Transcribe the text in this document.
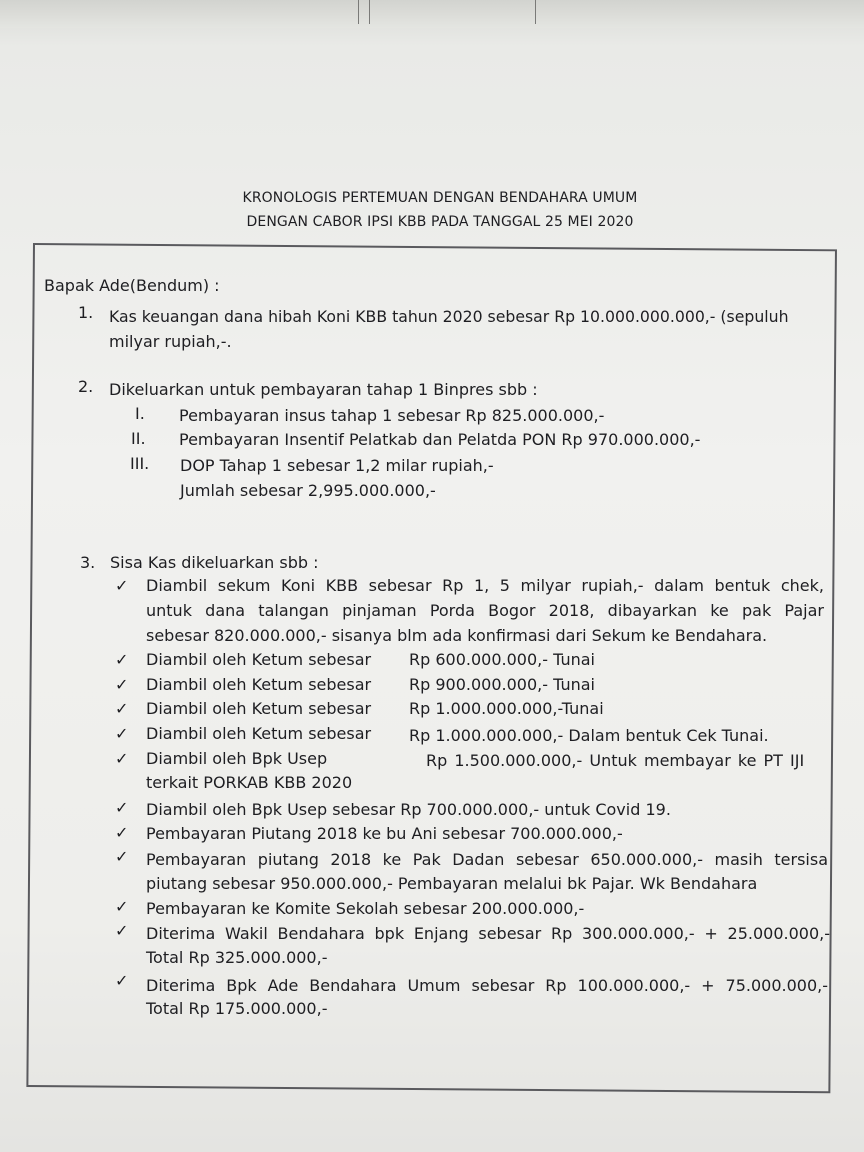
KRONOLOGIS PERTEMUAN DENGAN BENDAHARA UMUM
DENGAN CABOR IPSI KBB PADA TANGGAL 25 MEI 2020
Bapak Ade(Bendum) :
1. Kas keuangan dana hibah Koni KBB tahun 2020 sebesar Rp 10.000.000.000,- (sepuluh
milyar rupiah,-.
2. Dikeluarkan untuk pembayaran tahap 1 Binpres sbb :
I. Pembayaran insus tahap 1 sebesar Rp 825.000.000,-
II. Pembayaran Insentif Pelatkab dan Pelatda PON Rp 970.000.000,-
III. DOP Tahap 1 sebesar 1,2 milar rupiah,-
Jumlah sebesar 2,995.000.000,-
3. Sisa Kas dikeluarkan sbb :
✓ Diambil sekum Koni KBB sebesar Rp 1, 5 milyar rupiah,- dalam bentuk chek,
untuk dana talangan pinjaman Porda Bogor 2018, dibayarkan ke pak Pajar
sebesar 820.000.000,- sisanya blm ada konfirmasi dari Sekum ke Bendahara.
✓ Diambil oleh Ketum sebesar Rp 600.000.000,- Tunai
✓ Diambil oleh Ketum sebesar Rp 900.000.000,- Tunai
✓ Diambil oleh Ketum sebesar Rp 1.000.000.000,-Tunai
✓ Diambil oleh Ketum sebesar Rp 1.000.000.000,- Dalam bentuk Cek Tunai.
✓ Diambil oleh Bpk Usep	Rp 1.500.000.000,- Untuk membayar ke PT IJI
terkait PORKAB KBB 2020
✓ Diambil oleh Bpk Usep sebesar Rp 700.000.000,- untuk Covid 19.
✓ Pembayaran Piutang 2018 ke bu Ani sebesar 700.000.000,-
✓ Pembayaran piutang 2018 ke Pak Dadan sebesar 650.000.000,- masih tersisa
piutang sebesar 950.000.000,- Pembayaran melalui bk Pajar. Wk Bendahara
✓ Pembayaran ke Komite Sekolah sebesar 200.000.000,-
✓ Diterima Wakil Bendahara bpk Enjang sebesar Rp 300.000.000,- + 25.000.000,-
Total Rp 325.000.000,-
✓ Diterima Bpk Ade Bendahara Umum sebesar Rp 100.000.000,- + 75.000.000,-
Total Rp 175.000.000,-
